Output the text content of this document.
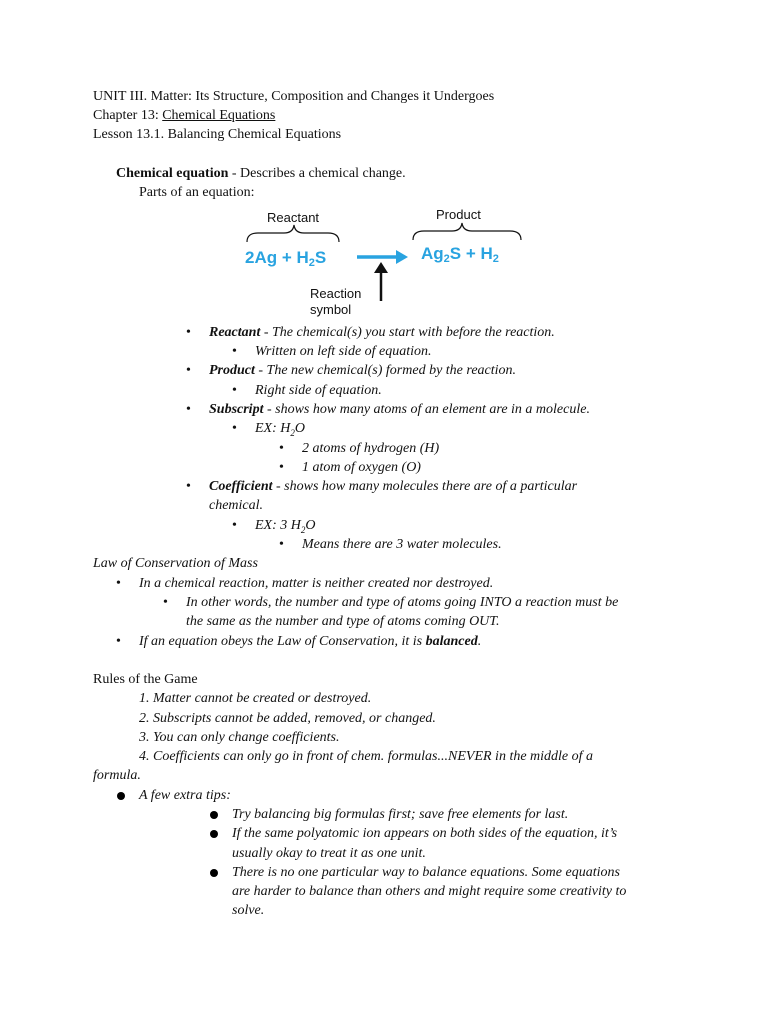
UNIT III. Matter: Its Structure, Composition and Changes it Undergoes
Chapter 13: Chemical Equations
Lesson 13.1. Balancing Chemical Equations
Chemical equation - Describes a chemical change.
Parts of an equation:
Reactant	Product
$2Ag + H_2S$	$Ag_2S + H_2$
Reaction
symbol
• Reactant - The chemical(s) you start with before the reaction.
• Written on left side of equation.
• Product - The new chemical(s) formed by the reaction.
• Right side of equation.
• Subscript - shows how many atoms of an element are in a molecule.
• EX: $H_2O$
• 2 atoms of hydrogen (H)
• 1 atom of oxygen (O)
• Coefficient - shows how many molecules there are of a particular
chemical.
• EX: 3 $H_2O$
• Means there are 3 water molecules.
Law of Conservation of Mass
• In a chemical reaction, matter is neither created nor destroyed.
• In other words, the number and type of atoms going INTO a reaction must be
the same as the number and type of atoms coming OUT.
• If an equation obeys the Law of Conservation, it is balanced.
Rules of the Game
1. Matter cannot be created or destroyed.
2. Subscripts cannot be added, removed, or changed.
3. You can only change coefficients.
4. Coefficients can only go in front of chem. formulas...NEVER in the middle of a
formula.
A few extra tips:
Try balancing big formulas first; save free elements for last.
If the same polyatomic ion appears on both sides of the equation, it’s
usually okay to treat it as one unit.
There is no one particular way to balance equations. Some equations
are harder to balance than others and might require some creativity to
solve.
